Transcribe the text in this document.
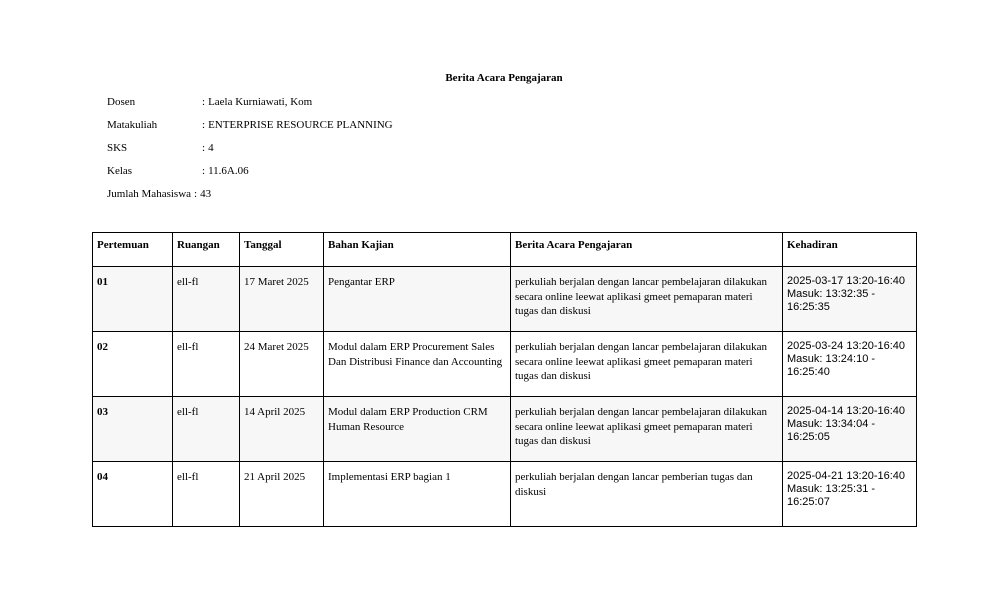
Berita Acara Pengajaran
Dosen	: Laela Kurniawati, Kom
Matakuliah	: ENTERPRISE RESOURCE PLANNING
SKS	: 4
Kelas	: 11.6A.06
Jumlah Mahasiswa : 43
Pertemuan	Ruangan	Tanggal	Bahan Kajian	Berita Acara Pengajaran	Kehadiran
01	ell-fl	17 Maret 2025	Pengantar ERP	perkuliah berjalan dengan lancar pembelajaran dilakukan secara online leewat aplikasi gmeet pemaparan materi tugas dan diskusi	2025-03-17 13:20-16:40
Masuk: 13:32:35 -
16:25:35

02	ell-fl	24 Maret 2025	Modul dalam ERP Procurement Sales Dan Distribusi Finance dan Accounting	perkuliah berjalan dengan lancar pembelajaran dilakukan secara online leewat aplikasi gmeet pemaparan materi tugas dan diskusi	2025-03-24 13:20-16:40
Masuk: 13:24:10 -
16:25:40

03	ell-fl	14 April 2025	Modul dalam ERP Production CRM Human Resource	perkuliah berjalan dengan lancar pembelajaran dilakukan secara online leewat aplikasi gmeet pemaparan materi tugas dan diskusi	2025-04-14 13:20-16:40
Masuk: 13:34:04 -
16:25:05

04	ell-fl	21 April 2025	Implementasi ERP bagian 1	perkuliah berjalan dengan lancar pemberian tugas dan diskusi	2025-04-21 13:20-16:40
Masuk: 13:25:31 -
16:25:07
